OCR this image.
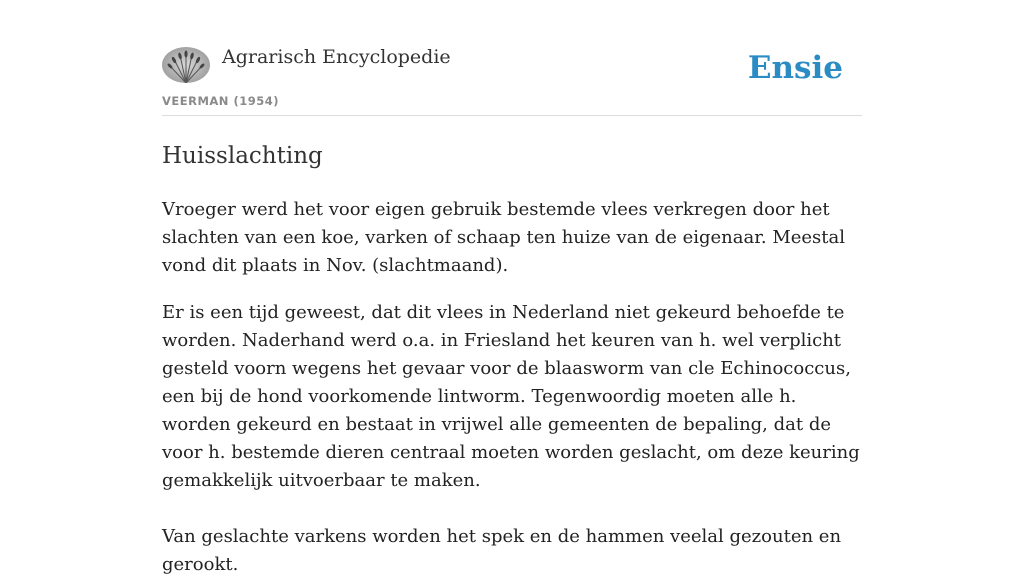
Agrarisch Encyclopedie
VEERMAN (1954)
Ensie
Huisslachting

Vroeger werd het voor eigen gebruik bestemde vlees verkregen door het slachten van een koe, varken of schaap ten huize van de eigenaar. Meestal vond dit plaats in Nov. (slachtmaand).

Er is een tijd geweest, dat dit vlees in Nederland niet gekeurd behoefde te worden. Naderhand werd o.a. in Friesland het keuren van h. wel verplicht gesteld voorn wegens het gevaar voor de blaasworm van cle Echinococcus, een bij de hond voorkomende lintworm. Tegenwoordig moeten alle h. worden gekeurd en bestaat in vrijwel alle gemeenten de bepaling, dat de voor h. bestemde dieren centraal moeten worden geslacht, om deze keuring gemakkelijk uitvoerbaar te maken.

Van geslachte varkens worden het spek en de hammen veelal gezouten en gerookt.
